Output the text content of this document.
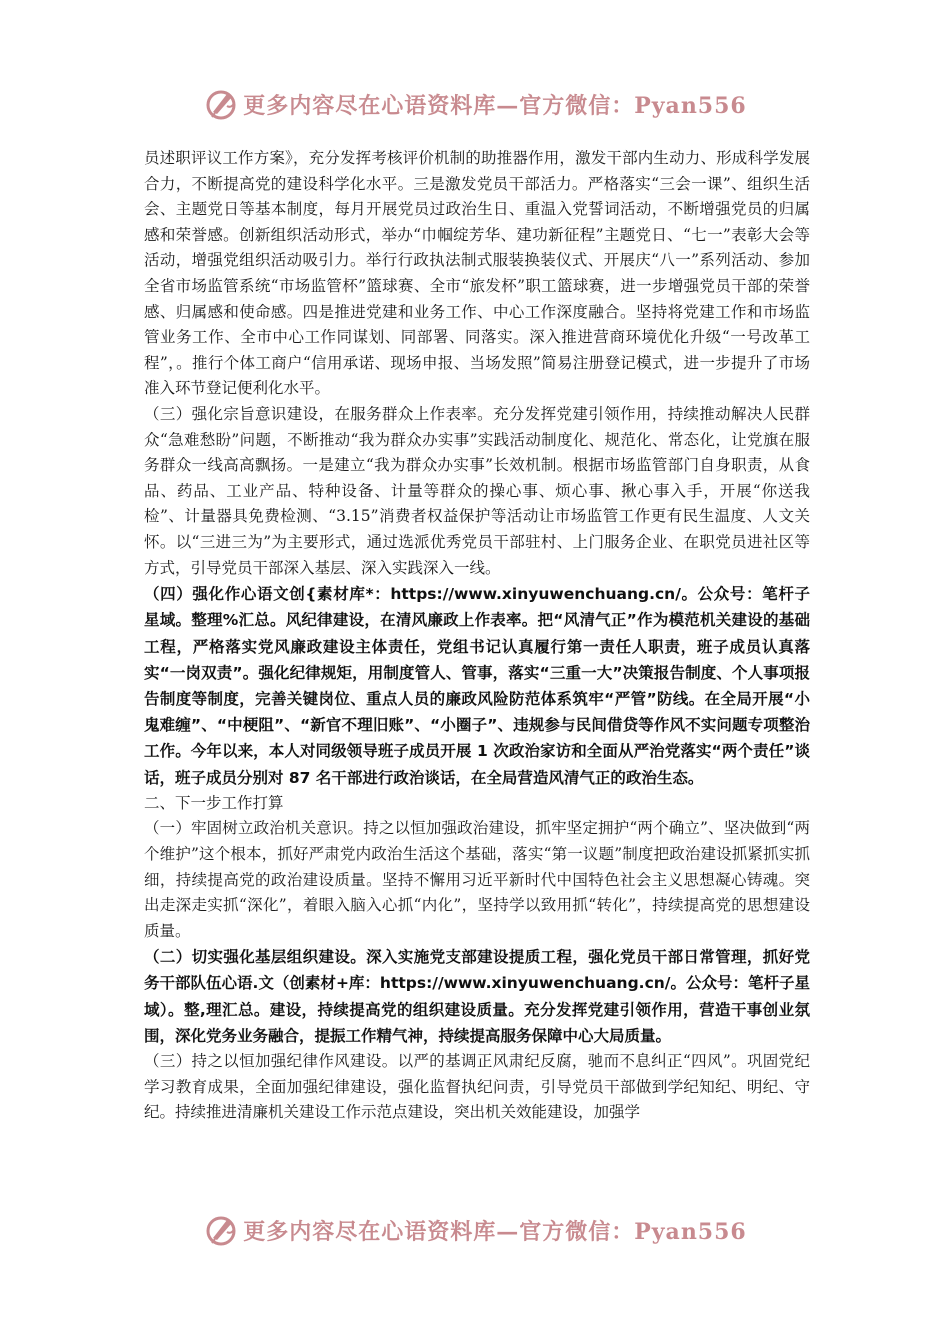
更多内容尽在心语资料库—官方微信：Pyan556

员述职评议工作方案》，充分发挥考核评价机制的助推器作用，激发干部内生动力、形成科学发展合力，不断提高党的建设科学化水平。三是激发党员干部活力。严格落实“三会一课”、组织生活会、主题党日等基本制度，每月开展党员过政治生日、重温入党誓词活动，不断增强党员的归属感和荣誉感。创新组织活动形式，举办“巾帼绽芳华、建功新征程”主题党日、“七一”表彰大会等活动，增强党组织活动吸引力。举行行政执法制式服装换装仪式、开展庆“八一”系列活动、参加全省市场监管系统“市场监管杯”篮球赛、全市“旅发杯”职工篮球赛，进一步增强党员干部的荣誉感、归属感和使命感。四是推进党建和业务工作、中心工作深度融合。坚持将党建工作和市场监管业务工作、全市中心工作同谋划、同部署、同落实。深入推进营商环境优化升级“一号改革工程”，。推行个体工商户“信用承诺、现场申报、当场发照”简易注册登记模式，进一步提升了市场准入环节登记便利化水平。

（三）强化宗旨意识建设，在服务群众上作表率。充分发挥党建引领作用，持续推动解决人民群众“急难愁盼”问题，不断推动“我为群众办实事”实践活动制度化、规范化、常态化，让党旗在服务群众一线高高飘扬。一是建立“我为群众办实事”长效机制。根据市场监管部门自身职责，从食品、药品、工业产品、特种设备、计量等群众的操心事、烦心事、揪心事入手，开展“你送我检”、计量器具免费检测、“3.15”消费者权益保护等活动让市场监管工作更有民生温度、人文关怀。以“三进三为”为主要形式，通过选派优秀党员干部驻村、上门服务企业、在职党员进社区等方式，引导党员干部深入基层、深入实践深入一线。

（四）强化作心语文创{素材库*：https://www.xinyuwenchuang.cn/。公众号：笔杆子星域。整理%汇总。风纪律建设，在清风廉政上作表率。把“风清气正”作为模范机关建设的基础工程，严格落实党风廉政建设主体责任，党组书记认真履行第一责任人职责，班子成员认真落实“一岗双责”。强化纪律规矩，用制度管人、管事，落实“三重一大”决策报告制度、个人事项报告制度等制度，完善关键岗位、重点人员的廉政风险防范体系筑牢“严管”防线。在全局开展“小鬼难缠”、“中梗阻”、“新官不理旧账”、“小圈子”、违规参与民间借贷等作风不实问题专项整治工作。今年以来，本人对同级领导班子成员开展 1 次政治家访和全面从严治党落实“两个责任”谈话，班子成员分别对 87 名干部进行政治谈话，在全局营造风清气正的政治生态。

二、下一步工作打算

（一）牢固树立政治机关意识。持之以恒加强政治建设，抓牢坚定拥护“两个确立”、坚决做到“两个维护”这个根本，抓好严肃党内政治生活这个基础，落实“第一议题”制度把政治建设抓紧抓实抓细，持续提高党的政治建设质量。坚持不懈用习近平新时代中国特色社会主义思想凝心铸魂。突出走深走实抓“深化”，着眼入脑入心抓“内化”，坚持学以致用抓“转化”，持续提高党的思想建设质量。

（二）切实强化基层组织建设。深入实施党支部建设提质工程，强化党员干部日常管理，抓好党务干部队伍心语.文（创素材+库：https://www.xinyuwenchuang.cn/。公众号：笔杆子星域）。整,理汇总。建设，持续提高党的组织建设质量。充分发挥党建引领作用，营造干事创业氛围，深化党务业务融合，提振工作精气神，持续提高服务保障中心大局质量。

（三）持之以恒加强纪律作风建设。以严的基调正风肃纪反腐，驰而不息纠正“四风”。巩固党纪学习教育成果，全面加强纪律建设，强化监督执纪问责，引导党员干部做到学纪知纪、明纪、守纪。持续推进清廉机关建设工作示范点建设，突出机关效能建设，加强学

更多内容尽在心语资料库—官方微信：Pyan556
